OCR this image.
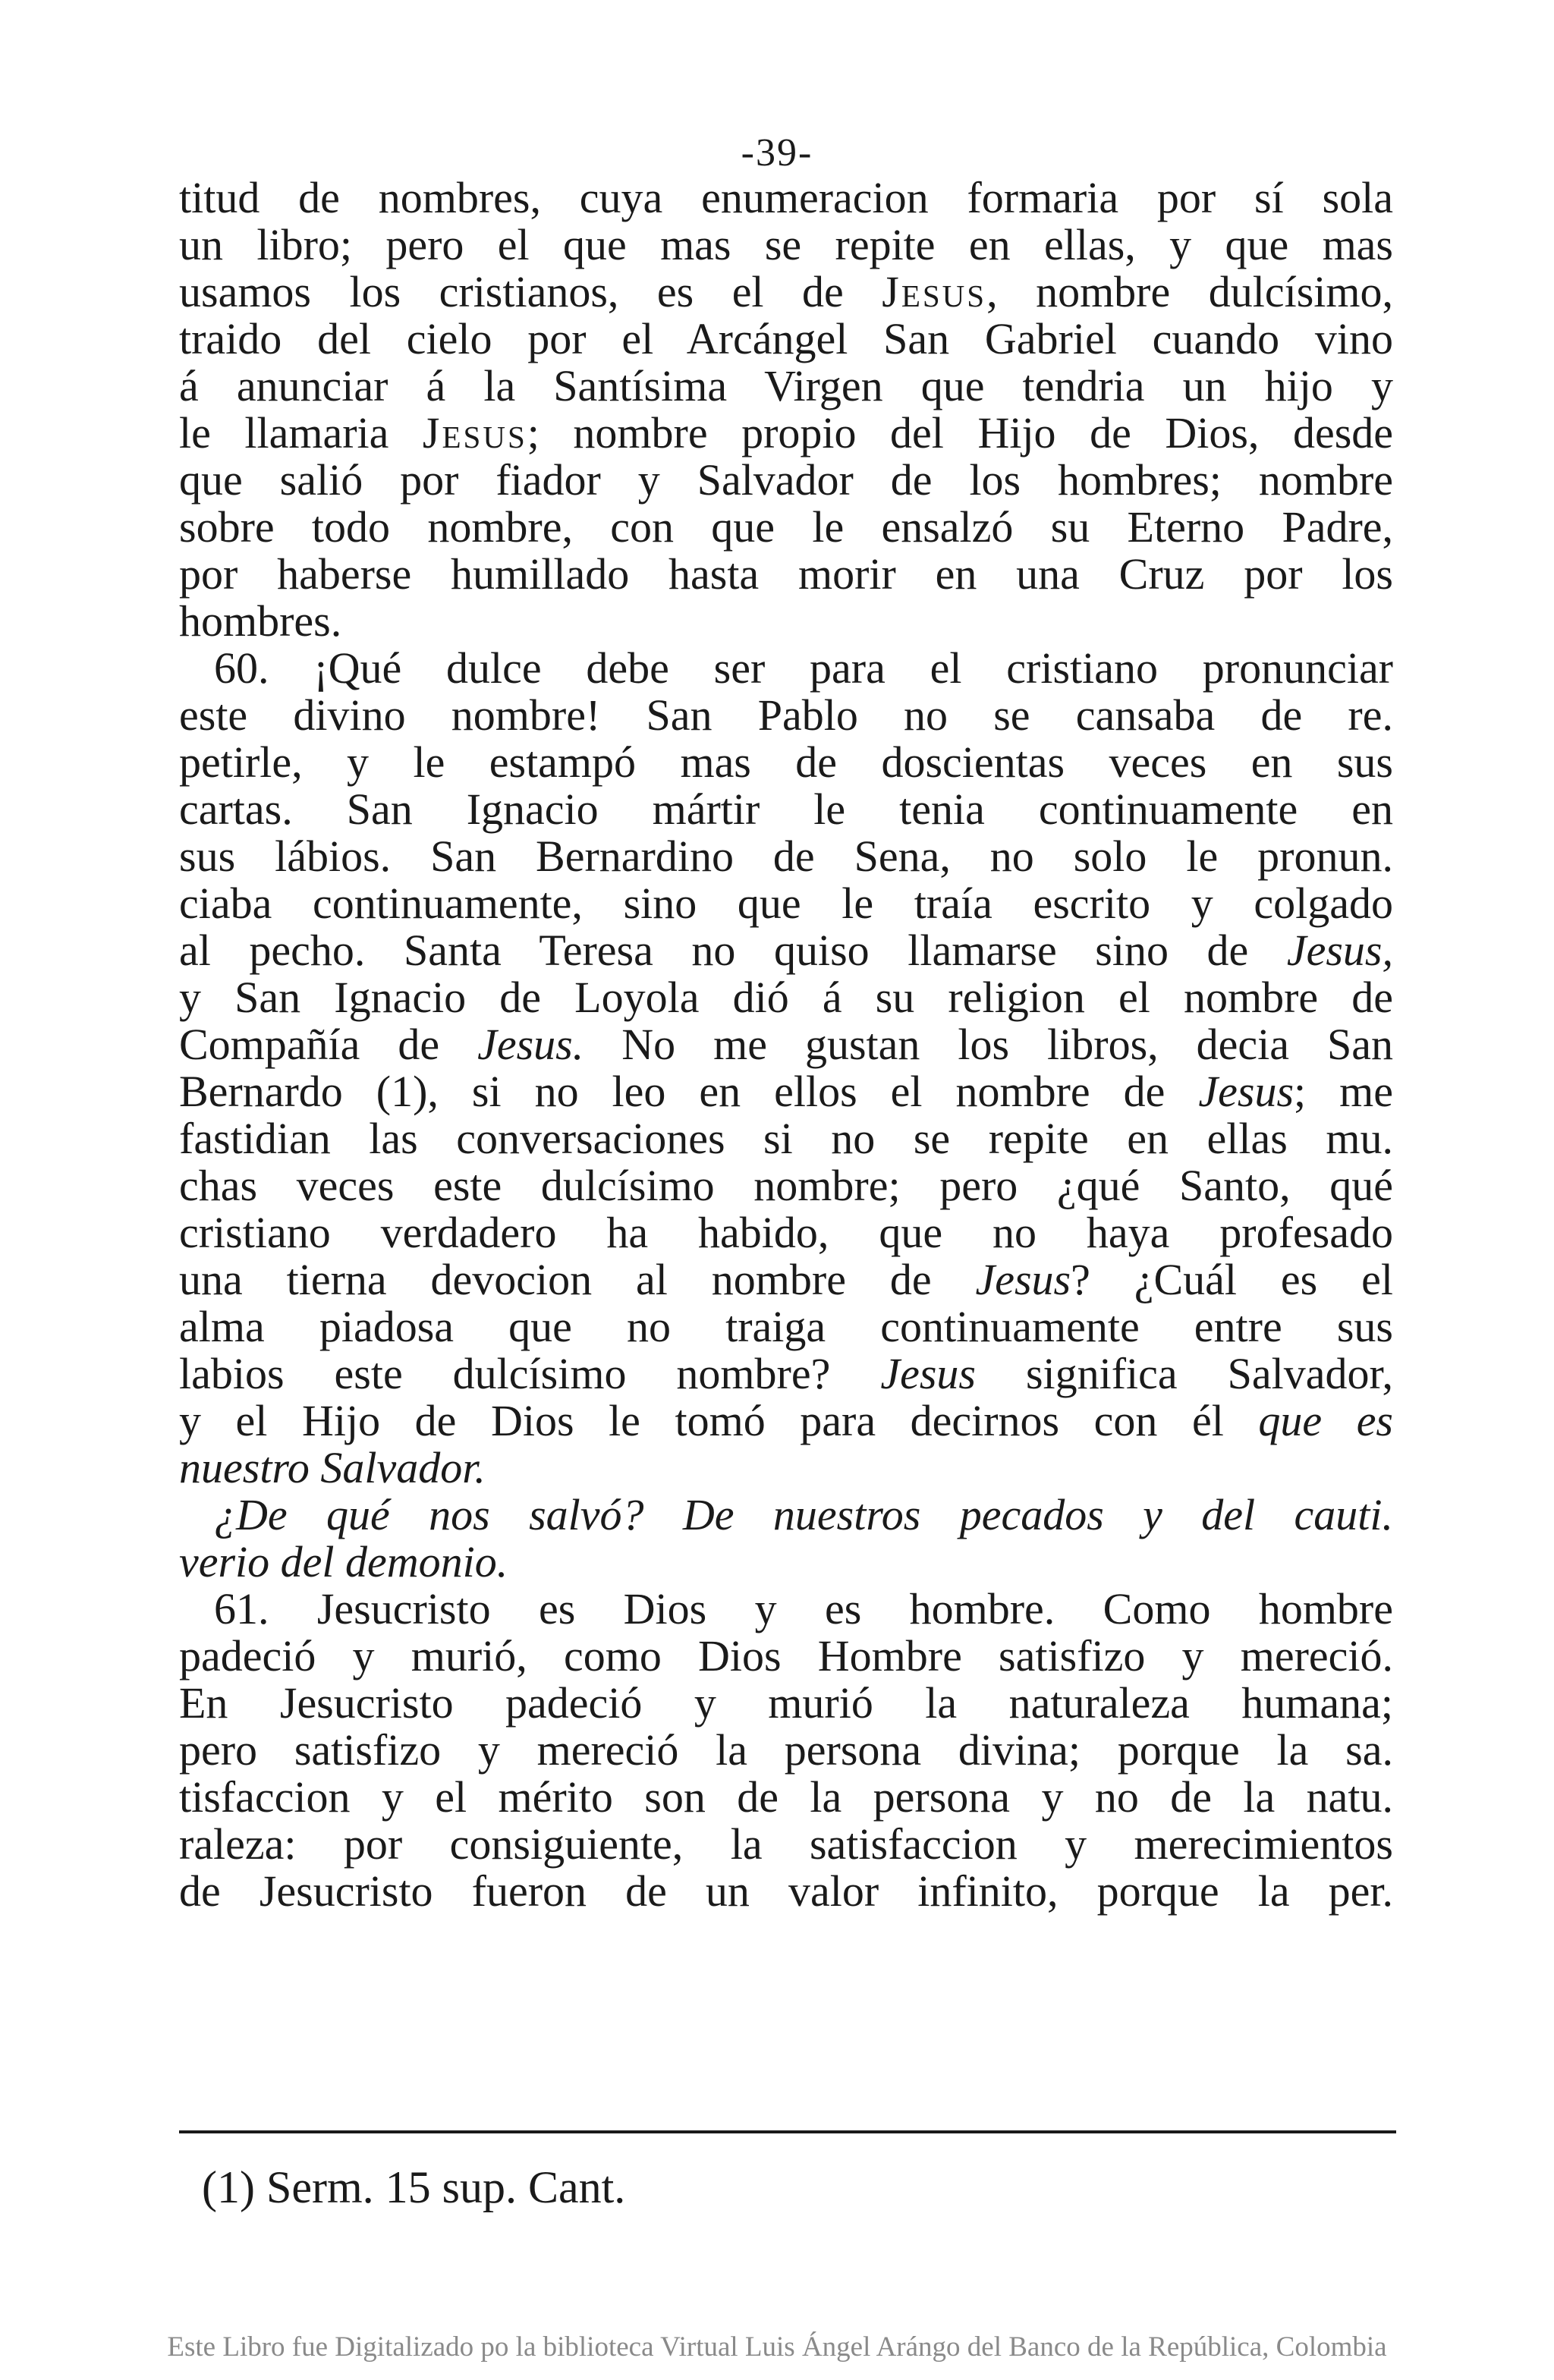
-39-
titud de nombres, cuya enumeracion formaria por sí sola
un libro; pero el que mas se repite en ellas, y que mas
usamos los cristianos, es el de Jesus, nombre dulcísimo,
traido del cielo por el Arcángel San Gabriel cuando vino
á anunciar á la Santísima Virgen que tendria un hijo y
le llamaria Jesus; nombre propio del Hijo de Dios, desde
que salió por fiador y Salvador de los hombres; nombre
sobre todo nombre, con que le ensalzó su Eterno Padre,
por haberse humillado hasta morir en una Cruz por los
hombres.
60. ¡Qué dulce debe ser para el cristiano pronunciar
este divino nombre! San Pablo no se cansaba de re.
petirle, y le estampó mas de doscientas veces en sus
cartas. San Ignacio mártir le tenia continuamente en
sus lábios. San Bernardino de Sena, no solo le pronun.
ciaba continuamente, sino que le traía escrito y colgado
al pecho. Santa Teresa no quiso llamarse sino de Jesus,
y San Ignacio de Loyola dió á su religion el nombre de
Compañía de Jesus. No me gustan los libros, decia San
Bernardo (1), si no leo en ellos el nombre de Jesus; me
fastidian las conversaciones si no se repite en ellas mu.
chas veces este dulcísimo nombre; pero ¿qué Santo, qué
cristiano verdadero ha habido, que no haya profesado
una tierna devocion al nombre de Jesus? ¿Cuál es el
alma piadosa que no traiga continuamente entre sus
labios este dulcísimo nombre? Jesus significa Salvador,
y el Hijo de Dios le tomó para decirnos con él que es
nuestro Salvador.
¿De qué nos salvó? De nuestros pecados y del cauti.
verio del demonio.
61. Jesucristo es Dios y es hombre. Como hombre
padeció y murió, como Dios Hombre satisfizo y mereció.
En Jesucristo padeció y murió la naturaleza humana;
pero satisfizo y mereció la persona divina; porque la sa.
tisfaccion y el mérito son de la persona y no de la natu.
raleza: por consiguiente, la satisfaccion y merecimientos
de Jesucristo fueron de un valor infinito, porque la per.
(1) Serm. 15 sup. Cant.
Este Libro fue Digitalizado po la biblioteca Virtual Luis Ángel Arángo del Banco de la República, Colombia
